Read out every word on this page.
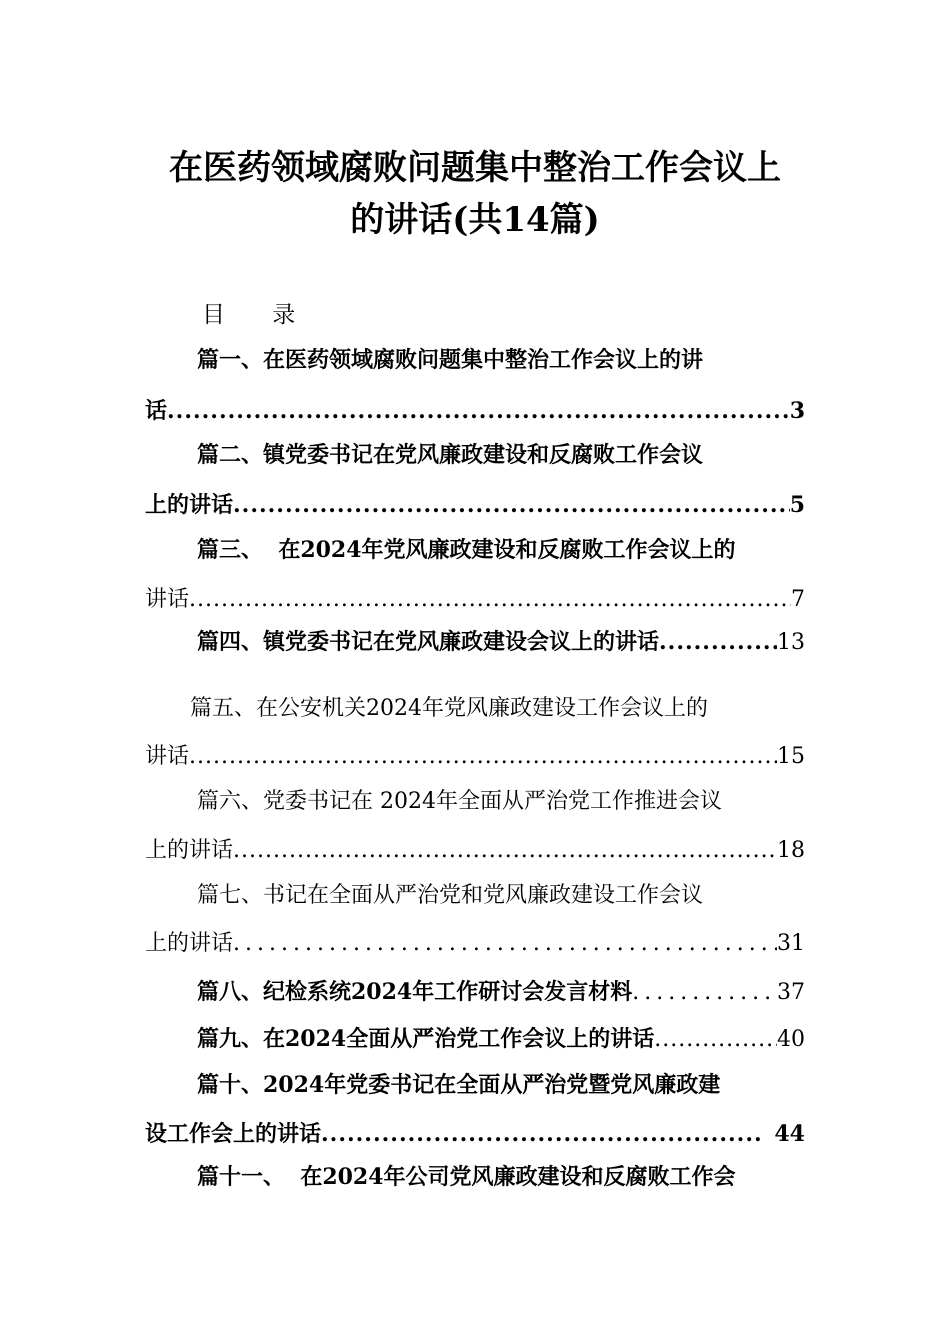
在医药领域腐败问题集中整治工作会议上
的讲话(共14篇)
目 录
篇一、在医药领域腐败问题集中整治工作会议上的讲
话 .....	3
篇二、镇党委书记在党风廉政建设和反腐败工作会议
上的讲话 .....	5
篇三、  在2024年党风廉政建设和反腐败工作会议上的
讲话 .....	7
篇四、镇党委书记在党风廉政建设会议上的讲话 .....	13
篇五、在公安机关2024年党风廉政建设工作会议上的
讲话 .....	15
篇六、党委书记在 2024年全面从严治党工作推进会议
上的讲话 .....	18
篇七、书记在全面从严治党和党风廉政建设工作会议
上的讲话 .....	31
篇八、纪检系统2024年工作研讨会发言材料 .....	37
篇九、在2024全面从严治党工作会议上的讲话 .....	40
篇十、2024年党委书记在全面从严治党暨党风廉政建
设工作会上的讲话 .....	44
篇十一、  在2024年公司党风廉政建设和反腐败工作会
